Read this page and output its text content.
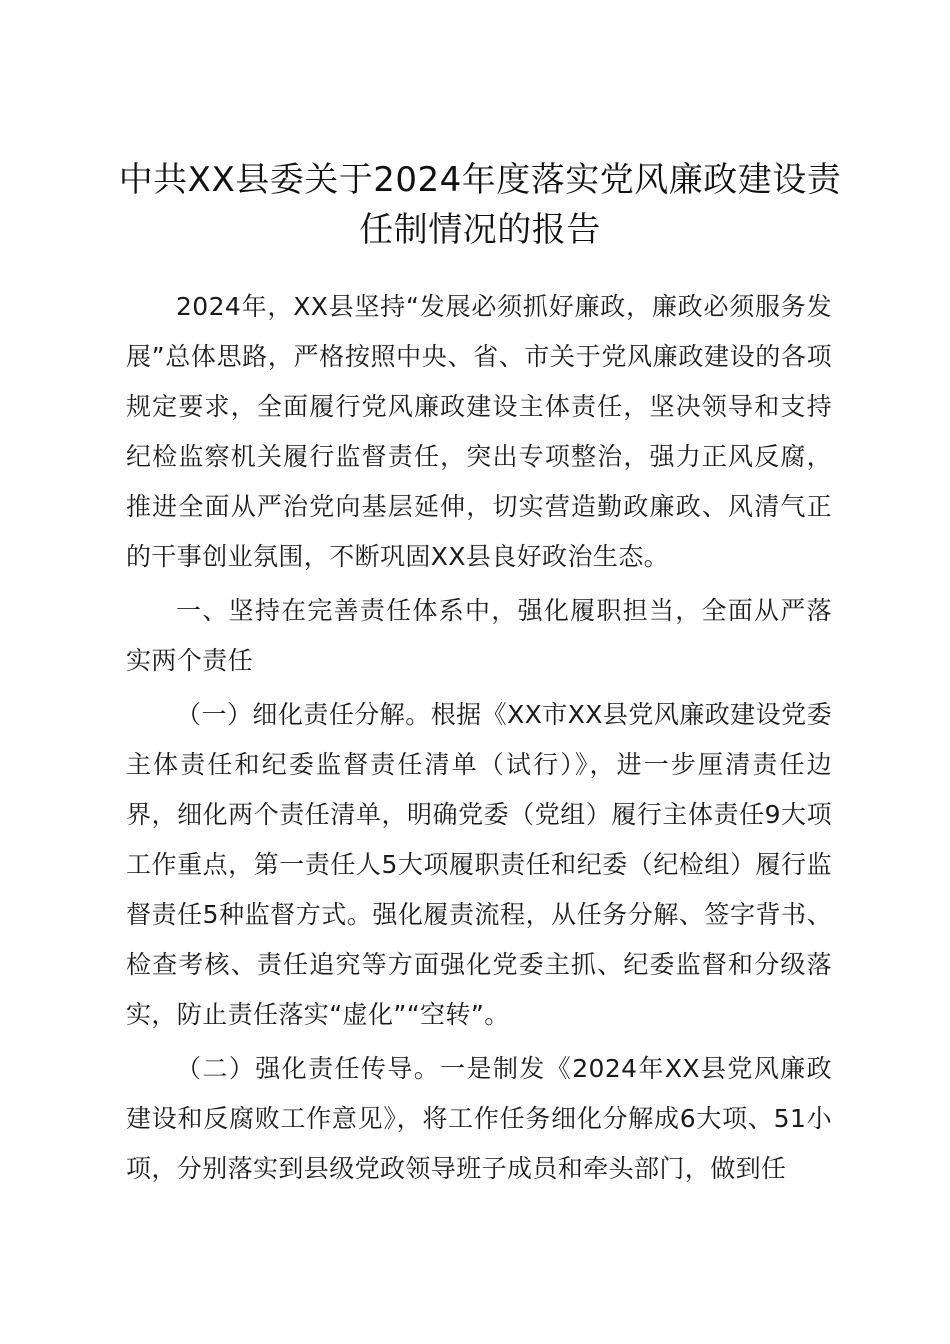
中共XX县委关于2024年度落实党风廉政建设责任制情况的报告

2024年，XX县坚持“发展必须抓好廉政，廉政必须服务发展”总体思路，严格按照中央、省、市关于党风廉政建设的各项规定要求，全面履行党风廉政建设主体责任，坚决领导和支持纪检监察机关履行监督责任，突出专项整治，强力正风反腐，推进全面从严治党向基层延伸，切实营造勤政廉政、风清气正的干事创业氛围，不断巩固XX县良好政治生态。

一、坚持在完善责任体系中，强化履职担当，全面从严落实两个责任

（一）细化责任分解。根据《XX市XX县党风廉政建设党委主体责任和纪委监督责任清单（试行）》，进一步厘清责任边界，细化两个责任清单，明确党委（党组）履行主体责任9大项工作重点，第一责任人5大项履职责任和纪委（纪检组）履行监督责任5种监督方式。强化履责流程，从任务分解、签字背书、检查考核、责任追究等方面强化党委主抓、纪委监督和分级落实，防止责任落实“虚化”“空转”。

（二）强化责任传导。一是制发《2024年XX县党风廉政建设和反腐败工作意见》，将工作任务细化分解成6大项、51小项，分别落实到县级党政领导班子成员和牵头部门，做到任
